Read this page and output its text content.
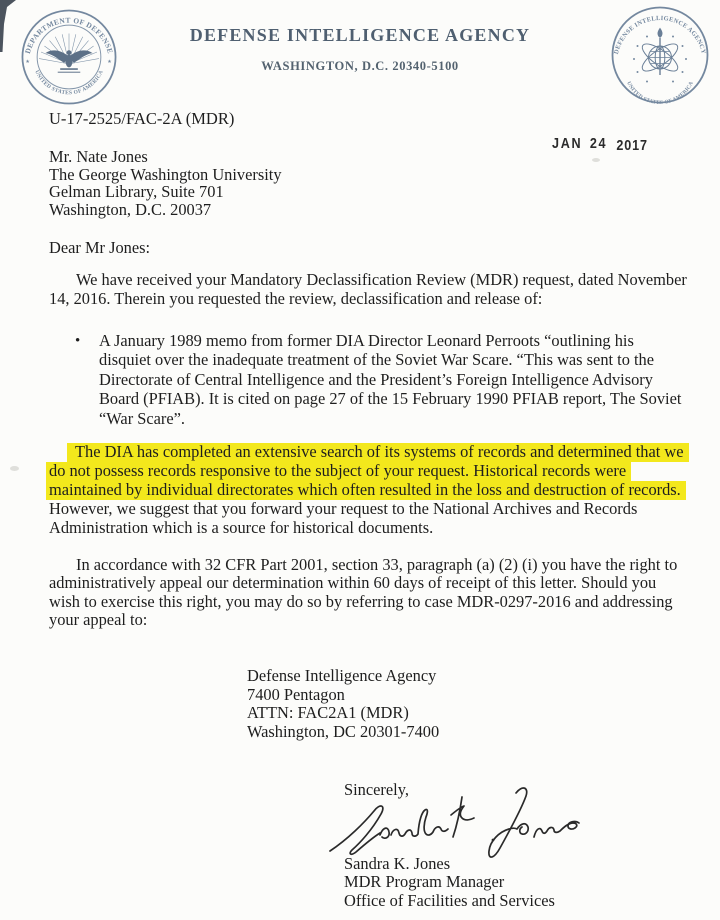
DEPARTMENT OF DEFENSE
UNITED STATES OF AMERICA
★	★
DEFENSE INTELLIGENCE AGENCY
UNITED STATES OF AMERICA
DEFENSE INTELLIGENCE AGENCY
WASHINGTON, D.C. 20340-5100
U-17-2525/FAC-2A (MDR)
JAN 24 2017
Mr. Nate Jones
The George Washington University
Gelman Library, Suite 701
Washington, D.C. 20037
Dear Mr Jones:
We have received your Mandatory Declassification Review (MDR) request, dated November
14, 2016. Therein you requested the review, declassification and release of:
• A January 1989 memo from former DIA Director Leonard Perroots “outlining his
disquiet over the inadequate treatment of the Soviet War Scare. “This was sent to the
Directorate of Central Intelligence and the President’s Foreign Intelligence Advisory
Board (PFIAB). It is cited on page 27 of the 15 February 1990 PFIAB report, The Soviet
“War Scare”.
The DIA has completed an extensive search of its systems of records and determined that we
do not possess records responsive to the subject of your request. Historical records were
maintained by individual directorates which often resulted in the loss and destruction of records.
However, we suggest that you forward your request to the National Archives and Records
Administration which is a source for historical documents.
In accordance with 32 CFR Part 2001, section 33, paragraph (a) (2) (i) you have the right to
administratively appeal our determination within 60 days of receipt of this letter. Should you
wish to exercise this right, you may do so by referring to case MDR-0297-2016 and addressing
your appeal to:
Defense Intelligence Agency
7400 Pentagon
ATTN: FAC2A1 (MDR)
Washington, DC 20301-7400
Sincerely,
Sandra K. Jones
MDR Program Manager
Office of Facilities and Services
